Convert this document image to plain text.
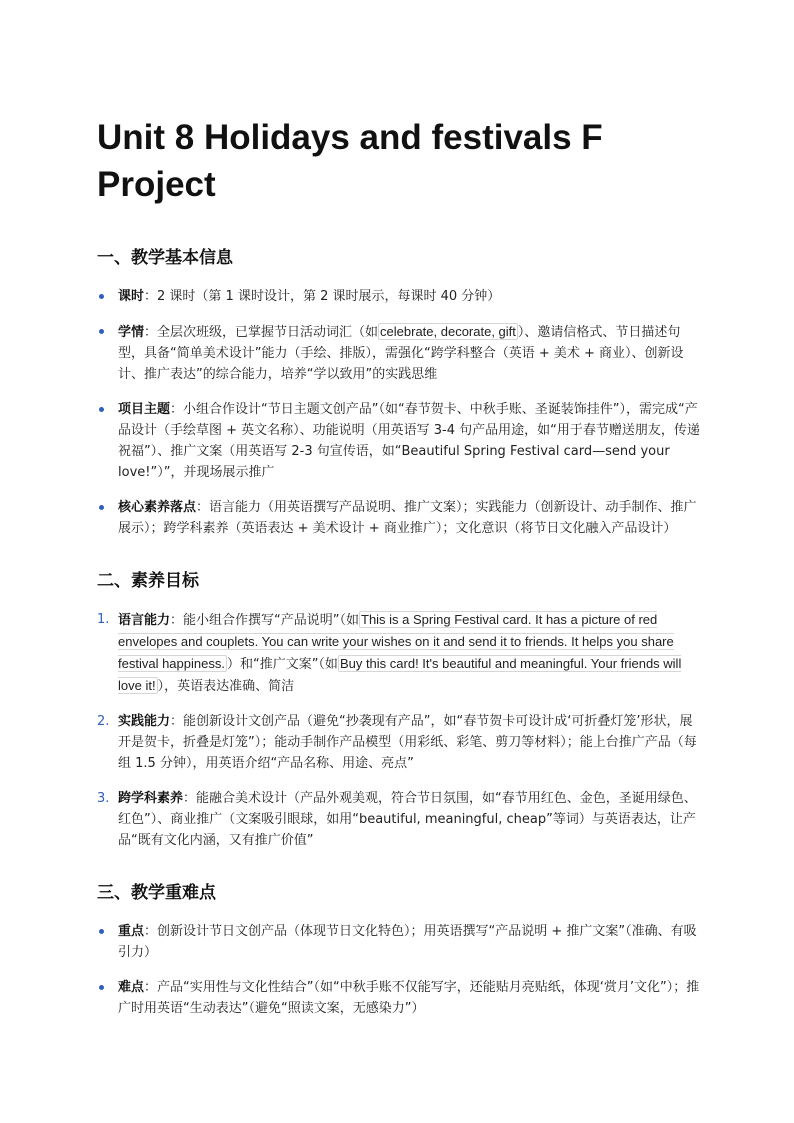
Unit 8 Holidays and festivals F Project
一、教学基本信息
课时：2 课时（第 1 课时设计，第 2 课时展示，每课时 40 分钟）
学情：全层次班级，已掌握节日活动词汇（如 celebrate, decorate, gift ）、邀请信格式、节日描述句型，具备“简单美术设计”能力（手绘、排版），需强化“跨学科整合（英语 + 美术 + 商业）、创新设计、推广表达”的综合能力，培养“学以致用”的实践思维
项目主题：小组合作设计“节日主题文创产品”（如“春节贺卡、中秋手账、圣诞装饰挂件”），需完成“产品设计（手绘草图 + 英文名称）、功能说明（用英语写 3-4 句产品用途，如“用于春节赠送朋友，传递祝福”）、推广文案（用英语写 2-3 句宣传语，如“Beautiful Spring Festival card—send your love!”）”，并现场展示推广
核心素养落点：语言能力（用英语撰写产品说明、推广文案）；实践能力（创新设计、动手制作、推广展示）；跨学科素养（英语表达 + 美术设计 + 商业推广）；文化意识（将节日文化融入产品设计）
二、素养目标
1. 语言能力：能小组合作撰写“产品说明”（如 This is a Spring Festival card. It has a picture of red envelopes and couplets. You can write your wishes on it and send it to friends. It helps you share festival happiness. ）和“推广文案”（如 Buy this card! It's beautiful and meaningful. Your friends will love it! ），英语表达准确、简洁
2. 实践能力：能创新设计文创产品（避免“抄袭现有产品”，如“春节贺卡可设计成‘可折叠灯笼’形状，展开是贺卡，折叠是灯笼”）；能动手制作产品模型（用彩纸、彩笔、剪刀等材料）；能上台推广产品（每组 1.5 分钟），用英语介绍“产品名称、用途、亮点”
3. 跨学科素养：能融合美术设计（产品外观美观，符合节日氛围，如“春节用红色、金色，圣诞用绿色、红色”）、商业推广（文案吸引眼球，如用“beautiful, meaningful, cheap”等词）与英语表达，让产品“既有文化内涵，又有推广价值”
三、教学重难点
重点：创新设计节日文创产品（体现节日文化特色）；用英语撰写“产品说明 + 推广文案”（准确、有吸引力）
难点：产品“实用性与文化性结合”（如“中秋手账不仅能写字，还能贴月亮贴纸，体现‘赏月’文化”）；推广时用英语“生动表达”（避免“照读文案，无感染力”）
